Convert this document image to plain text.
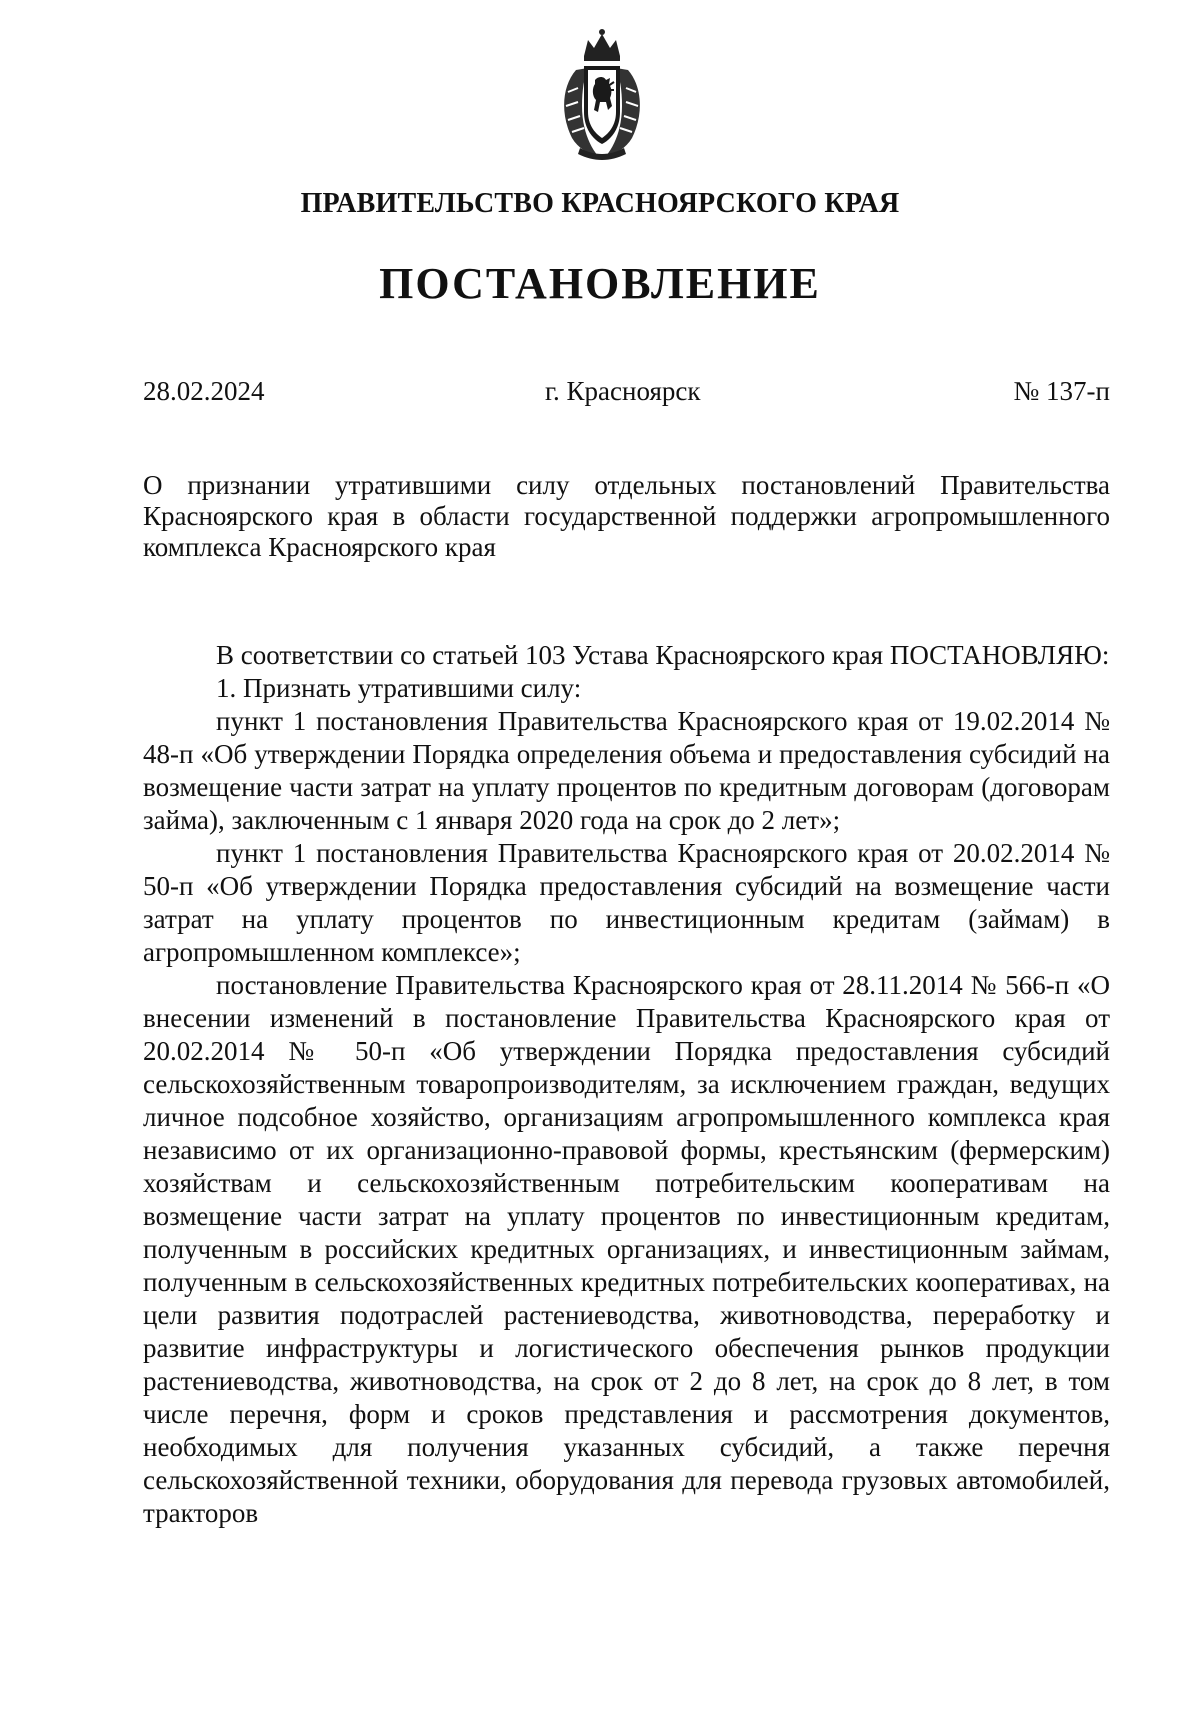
ПРАВИТЕЛЬСТВО КРАСНОЯРСКОГО КРАЯ
ПОСТАНОВЛЕНИЕ
28.02.2024	г. Красноярск	№ 137-п
О признании утратившими силу отдельных постановлений Правительства Красноярского края в области государственной поддержки агропромышленного комплекса Красноярского края

В соответствии со статьей 103 Устава Красноярского края ПОСТАНОВЛЯЮ:

1. Признать утратившими силу:

пункт 1 постановления Правительства Красноярского края от 19.02.2014 № 48-п «Об утверждении Порядка определения объема и предоставления субсидий на возмещение части затрат на уплату процентов по кредитным договорам (договорам займа), заключенным с 1 января 2020 года на срок до 2 лет»;

пункт 1 постановления Правительства Красноярского края от 20.02.2014 № 50-п «Об утверждении Порядка предоставления субсидий на возмещение части затрат на уплату процентов по инвестиционным кредитам (займам) в агропромышленном комплексе»;

постановление Правительства Красноярского края от 28.11.2014 № 566-п «О внесении изменений в постановление Правительства Красноярского края от 20.02.2014 № 50-п «Об утверждении Порядка предоставления субсидий сельскохозяйственным товаропроизводителям, за исключением граждан, ведущих личное подсобное хозяйство, организациям агропромышленного комплекса края независимо от их организационно-правовой формы, крестьянским (фермерским) хозяйствам и сельскохозяйственным потребительским кооперативам на возмещение части затрат на уплату процентов по инвестиционным кредитам, полученным в российских кредитных организациях, и инвестиционным займам, полученным в сельскохозяйственных кредитных потребительских кооперативах, на цели развития подотраслей растениеводства, животноводства, переработку и развитие инфраструктуры и логистического обеспечения рынков продукции растениеводства, животноводства, на срок от 2 до 8 лет, на срок до 8 лет, в том числе перечня, форм и сроков представления и рассмотрения документов, необходимых для получения указанных субсидий, а также перечня сельскохозяйственной техники, оборудования для перевода грузовых автомобилей, тракторов
